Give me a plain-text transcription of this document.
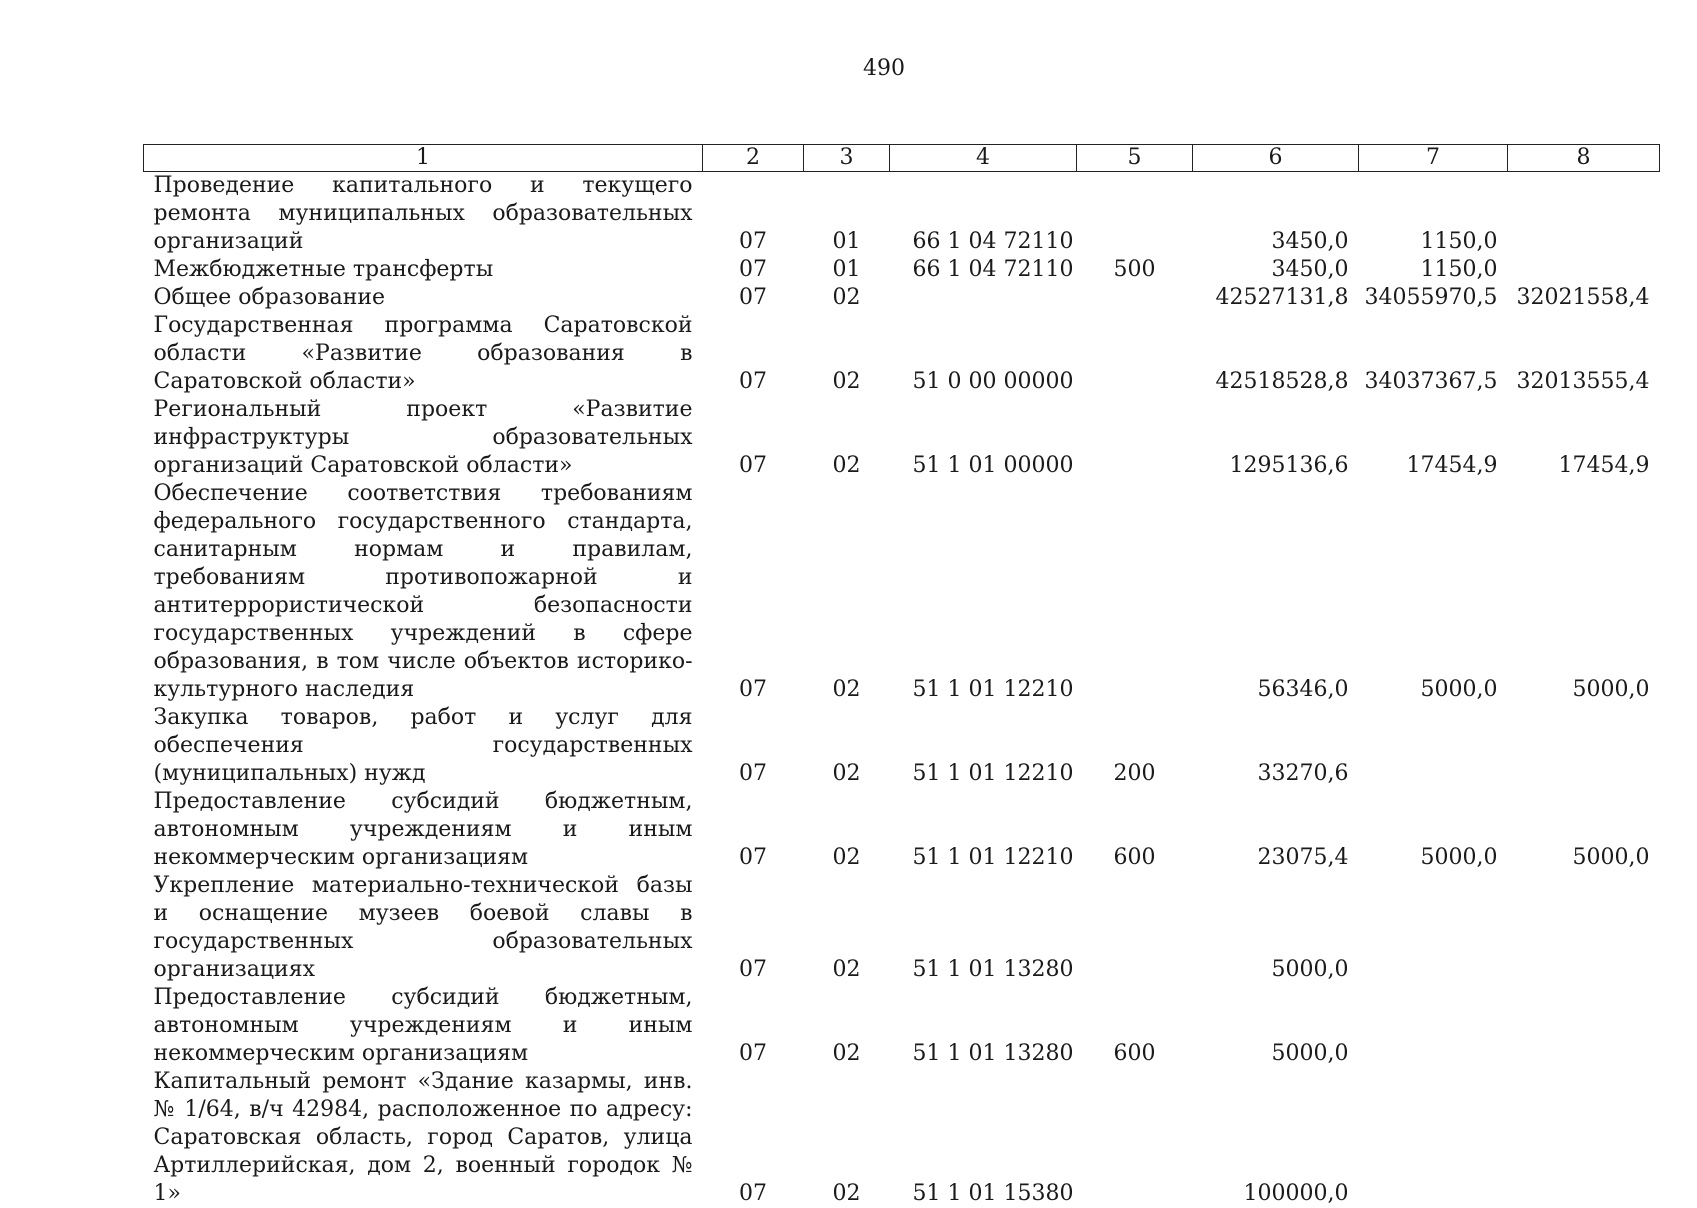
490
1	2	3	4	5	6	7	8
Проведение капитального и текущего ремонта муниципальных образовательных организаций	07	01	66 1 04 72110		3450,0	1150,0	
Межбюджетные трансферты	07	01	66 1 04 72110	500	3450,0	1150,0	
Общее образование	07	02			42527131,8	34055970,5	32021558,4
Государственная программа Саратовской области «Развитие образования в Саратовской области»	07	02	51 0 00 00000		42518528,8	34037367,5	32013555,4
Региональный проект «Развитие инфраструктуры образовательных организаций Саратовской области»	07	02	51 1 01 00000		1295136,6	17454,9	17454,9
Обеспечение соответствия требованиям федерального государственного стандарта, санитарным нормам и правилам, требованиям противопожарной и антитеррористической безопасности государственных учреждений в сфере образования, в том числе объектов историко-культурного наследия	07	02	51 1 01 12210		56346,0	5000,0	5000,0
Закупка товаров, работ и услуг для обеспечения государственных (муниципальных) нужд	07	02	51 1 01 12210	200	33270,6		
Предоставление субсидий бюджетным, автономным учреждениям и иным некоммерческим организациям	07	02	51 1 01 12210	600	23075,4	5000,0	5000,0
Укрепление материально-технической базы и оснащение музеев боевой славы в государственных образовательных организациях	07	02	51 1 01 13280		5000,0		
Предоставление субсидий бюджетным, автономным учреждениям и иным некоммерческим организациям	07	02	51 1 01 13280	600	5000,0		
Капитальный ремонт «Здание казармы, инв. № 1/64, в/ч 42984, расположенное по адресу: Саратовская область, город Саратов, улица Артиллерийская, дом 2, военный городок № 1»	07	02	51 1 01 15380		100000,0		
